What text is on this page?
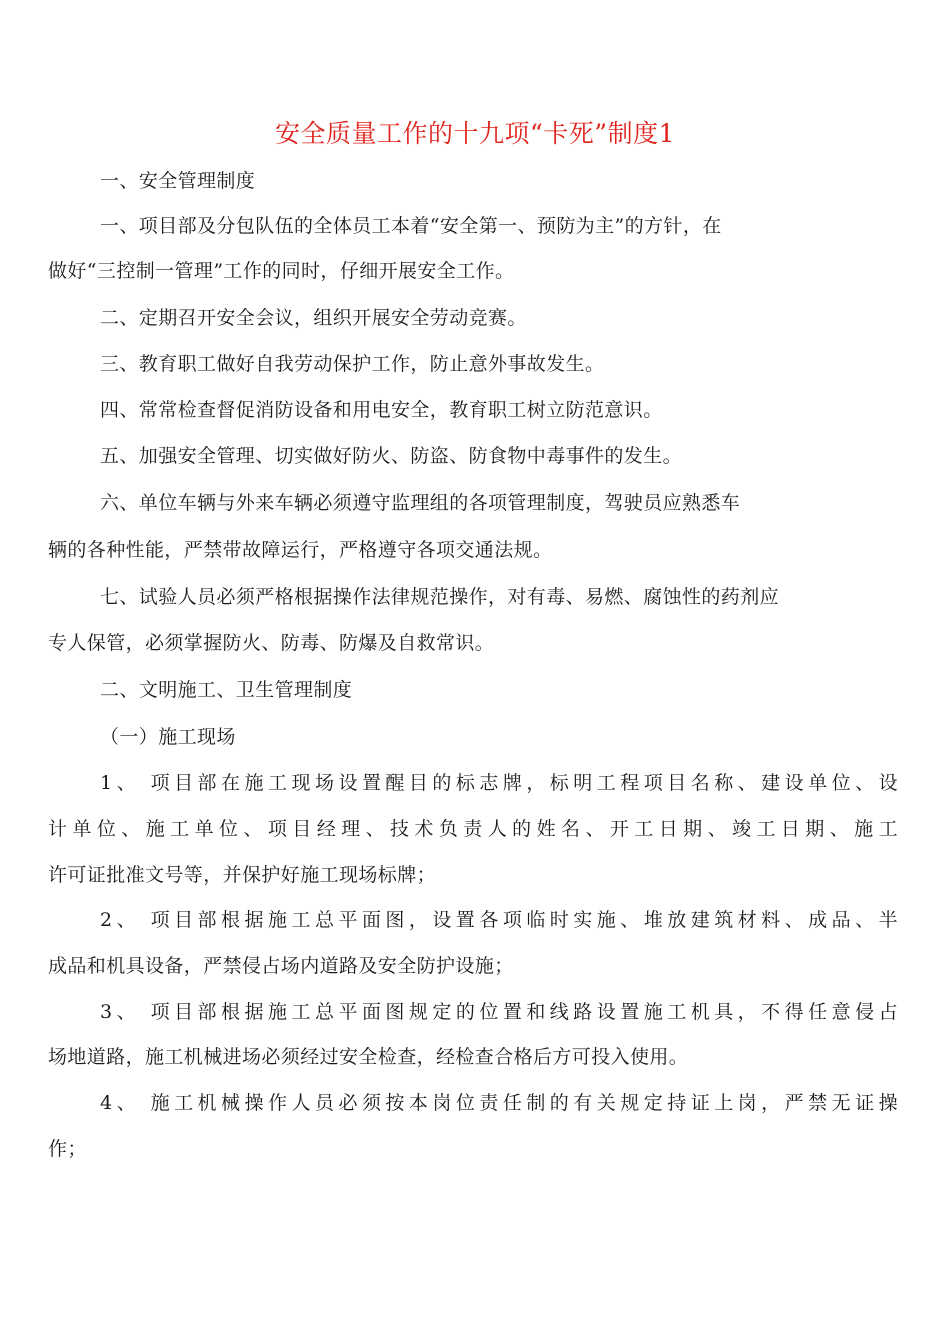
安全质量工作的十九项“卡死”制度1

一、安全管理制度

一、项目部及分包队伍的全体员工本着“安全第一、预防为主”的方针，在

做好“三控制一管理”工作的同时，仔细开展安全工作。

二、定期召开安全会议，组织开展安全劳动竞赛。

三、教育职工做好自我劳动保护工作，防止意外事故发生。

四、常常检查督促消防设备和用电安全，教育职工树立防范意识。

五、加强安全管理、切实做好防火、防盗、防食物中毒事件的发生。

六、单位车辆与外来车辆必须遵守监理组的各项管理制度，驾驶员应熟悉车

辆的各种性能，严禁带故障运行，严格遵守各项交通法规。

七、试验人员必须严格根据操作法律规范操作，对有毒、易燃、腐蚀性的药剂应

专人保管，必须掌握防火、防毒、防爆及自救常识。

二、文明施工、卫生管理制度

（一）施工现场

1、 项目部在施工现场设置醒目的标志牌，标明工程项目名称、建设单位、设

计单位、施工单位、项目经理、技术负责人的姓名、开工日期、竣工日期、施工

许可证批准文号等，并保护好施工现场标牌；

2、 项目部根据施工总平面图，设置各项临时实施、堆放建筑材料、成品、半

成品和机具设备，严禁侵占场内道路及安全防护设施；

3、 项目部根据施工总平面图规定的位置和线路设置施工机具，不得任意侵占

场地道路，施工机械进场必须经过安全检查，经检查合格后方可投入使用。

4、 施工机械操作人员必须按本岗位责任制的有关规定持证上岗，严禁无证操

作；
